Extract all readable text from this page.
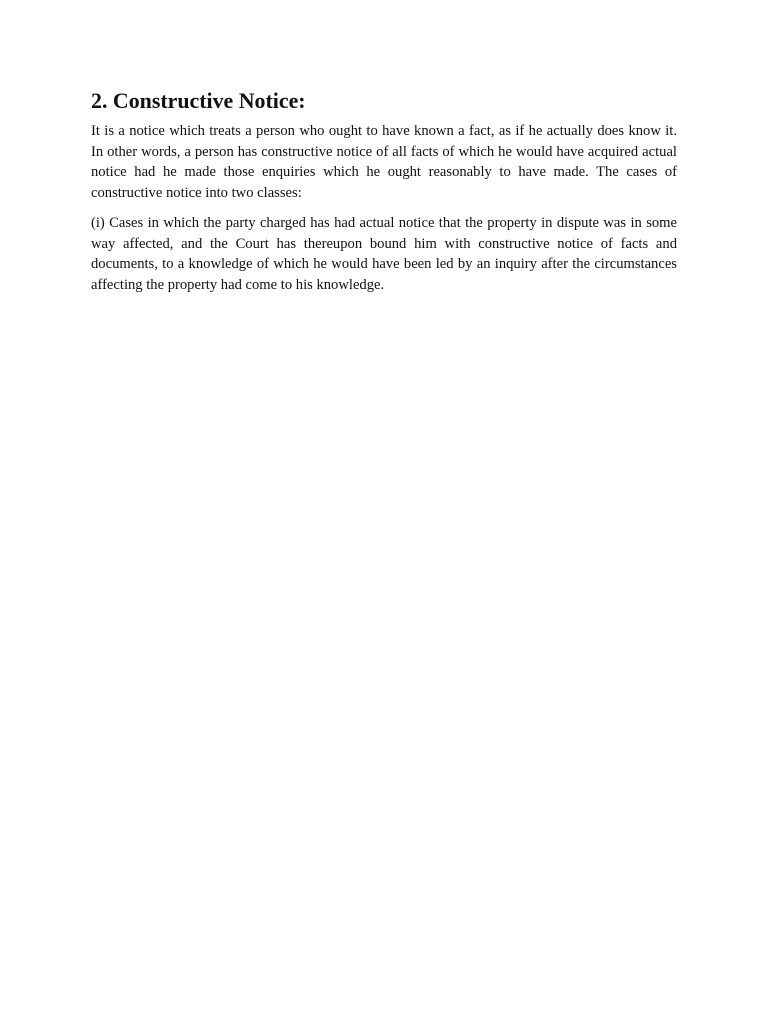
2. Constructive Notice:

It is a notice which treats a person who ought to have known a fact, as if he actually does know it. In other words, a person has constructive notice of all facts of which he would have acquired actual notice had he made those enquiries which he ought reasonably to have made. The cases of constructive notice into two classes:

(i) Cases in which the party charged has had actual notice that the property in dispute was in some way affected, and the Court has thereupon bound him with constructive notice of facts and documents, to a knowledge of which he would have been led by an inquiry after the circumstances affecting the property had come to his knowledge.
